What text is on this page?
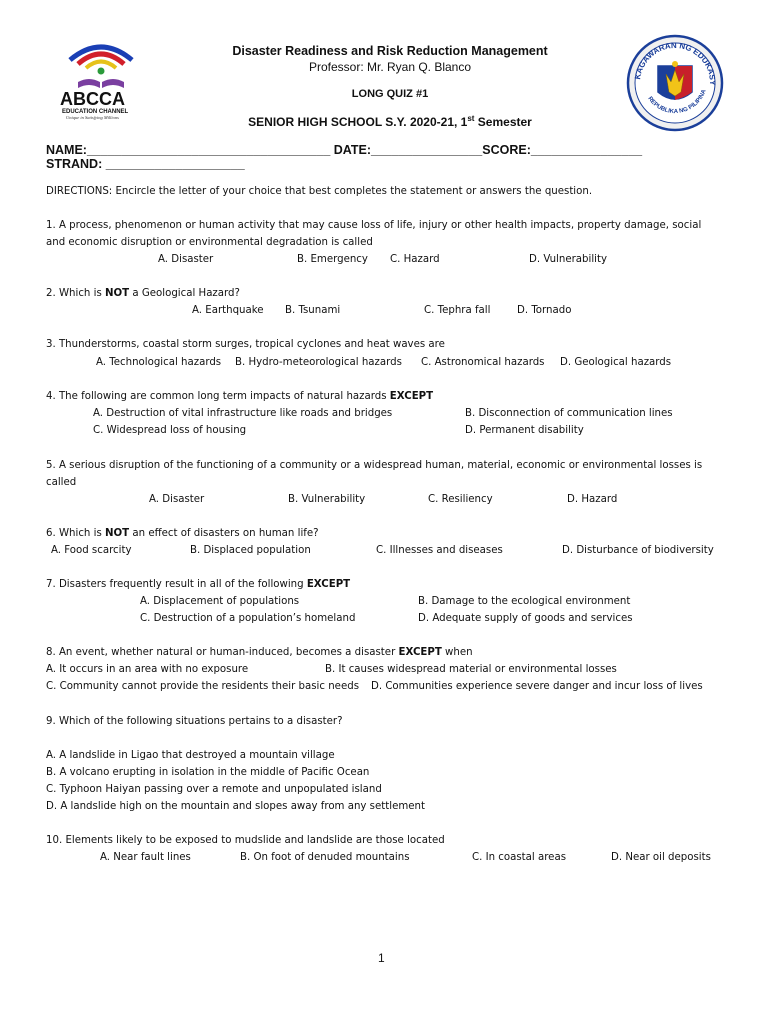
ABCCA
EDUCATION CHANNEL
Unique in Satisfying Millions
KAGAWARAN NG EDUKASY
REPUBLIKA NG PILIPINA
Disaster Readiness and Risk Reduction Management
Professor: Mr. Ryan Q. Blanco
LONG QUIZ #1
SENIOR HIGH SCHOOL S.Y. 2020-21, 1st Semester
NAME:___________________________________ DATE:________________SCORE:________________
STRAND: ____________________
DIRECTIONS: Encircle the letter of your choice that best completes the statement or answers the question.
1. A process, phenomenon or human activity that may cause loss of life, injury or other health impacts, property damage, social
and economic disruption or environmental degradation is called
A. Disaster	B. Emergency C. Hazard	D. Vulnerability
2. Which is NOT a Geological Hazard?
A. Earthquake B. Tsunami	C. Tephra fall	D. Tornado
3. Thunderstorms, coastal storm surges, tropical cyclones and heat waves are
A. Technological hazards B. Hydro-meteorological hazards C. Astronomical hazards D. Geological hazards
4. The following are common long term impacts of natural hazards EXCEPT
A. Destruction of vital infrastructure like roads and bridges	B. Disconnection of communication lines
C. Widespread loss of housing	D. Permanent disability
5. A serious disruption of the functioning of a community or a widespread human, material, economic or environmental losses is
called
A. Disaster	B. Vulnerability	C. Resiliency	D. Hazard
6. Which is NOT an effect of disasters on human life?
A. Food scarcity	B. Displaced population	C. Illnesses and diseases	D. Disturbance of biodiversity
7. Disasters frequently result in all of the following EXCEPT
A. Displacement of populations	B. Damage to the ecological environment
C. Destruction of a population’s homeland	D. Adequate supply of goods and services
8. An event, whether natural or human-induced, becomes a disaster EXCEPT when
A. It occurs in an area with no exposure	B. It causes widespread material or environmental losses
C. Community cannot provide the residents their basic needs D. Communities experience severe danger and incur loss of lives
9. Which of the following situations pertains to a disaster?
A. A landslide in Ligao that destroyed a mountain village
B. A volcano erupting in isolation in the middle of Pacific Ocean
C. Typhoon Haiyan passing over a remote and unpopulated island
D. A landslide high on the mountain and slopes away from any settlement
10. Elements likely to be exposed to mudslide and landslide are those located
A. Near fault lines	B. On foot of denuded mountains	C. In coastal areas	D. Near oil deposits
1
